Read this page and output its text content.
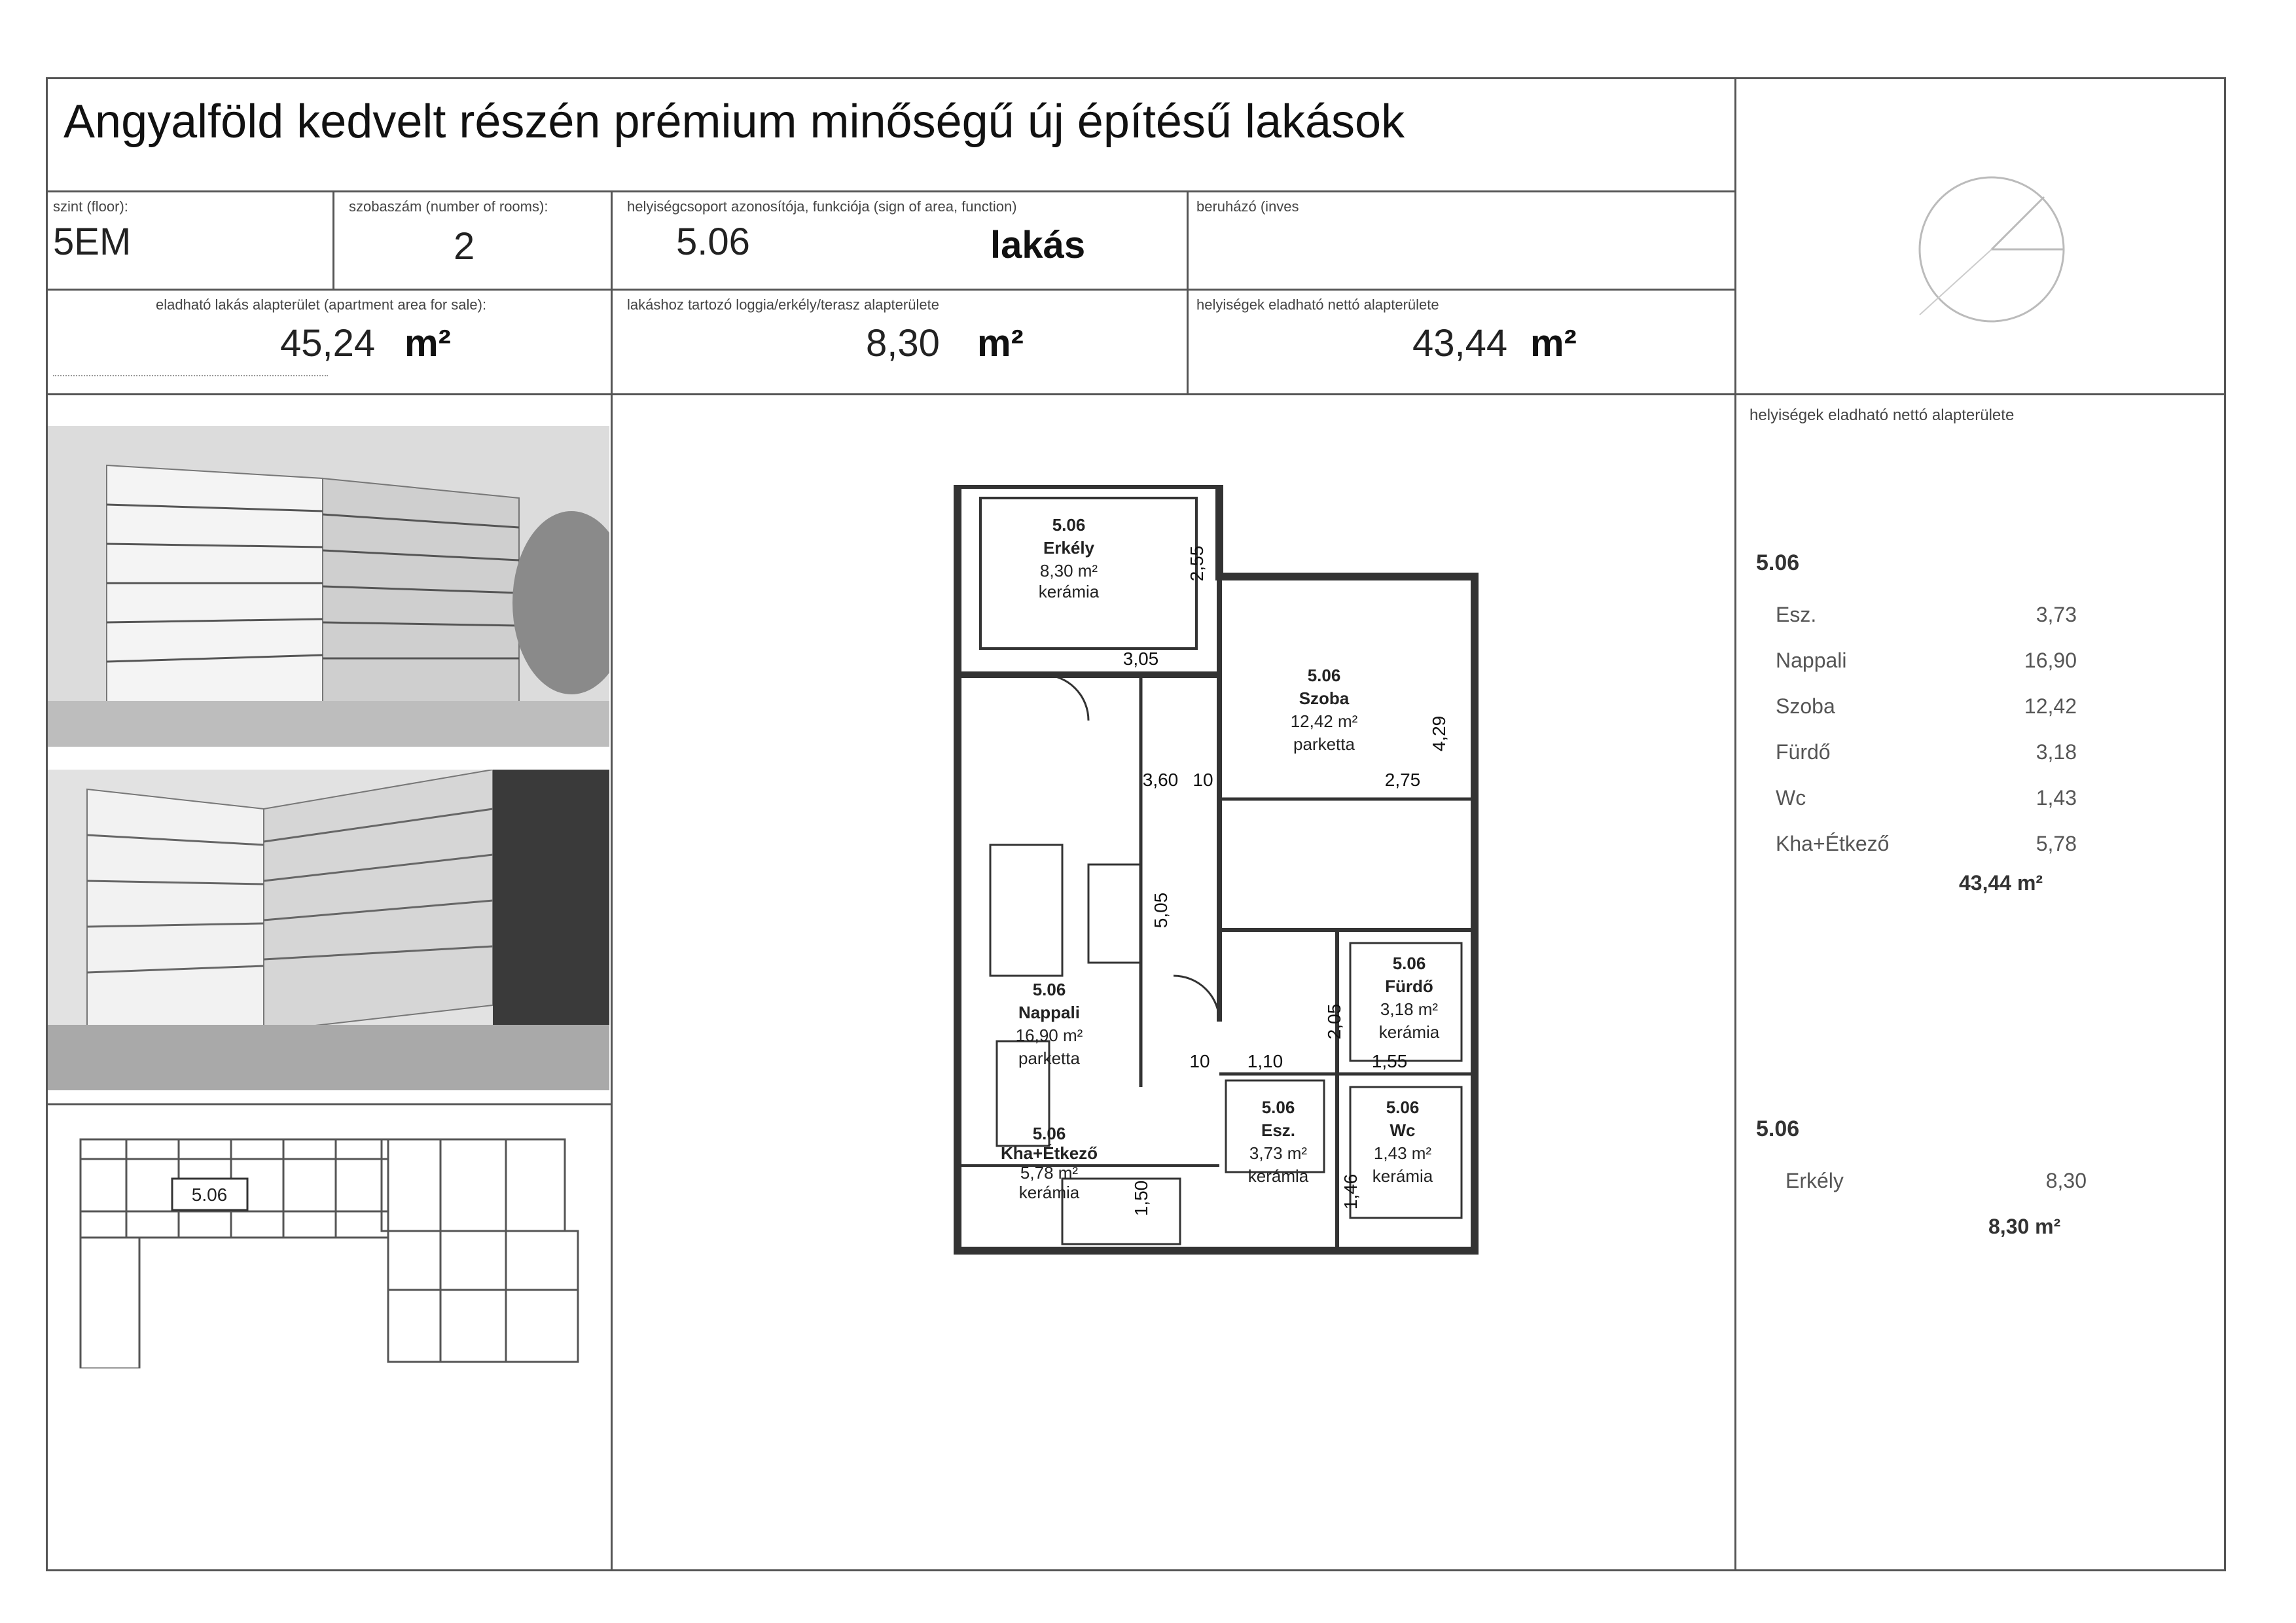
Angyalföld kedvelt részén prémium minőségű új építésű lakások
szint (floor):
5EM
szobaszám (number of rooms):
2
helyiségcsoport azonosítója, funkciója (sign of area, function)
5.06	lakás
beruházó (inves
eladható lakás alapterület (apartment area for sale):
45,24 m²
lakáshoz tartozó loggia/erkély/terasz alapterülete
8,30 m²
helyiségek eladható nettó alapterülete
43,44 m²
5.06
5.06
Erkély
8,30 m²
kerámia
5.06
Szoba
12,42 m²
parketta
5.06
Nappali
16,90 m²
parketta
5.06
Fürdő
3,18 m²
kerámia
5.06
Esz.
3,73 m²
kerámia
5.06
Kha+Étkező
5,78 m²
kerámia
5.06
Wc
1,43 m²
kerámia
2,55
3,05
4,29
2,75
3,60 10
5,05
2,05
10 1,10	1,55
1,50	1,46
helyiségek eladható nettó alapterülete
5.06
Esz.	3,73
Nappali	16,90
Szoba	12,42
Fürdő	3,18
Wc	1,43
Kha+Étkező	5,78
43,44 m²
5.06
Erkély	8,30
8,30 m²
